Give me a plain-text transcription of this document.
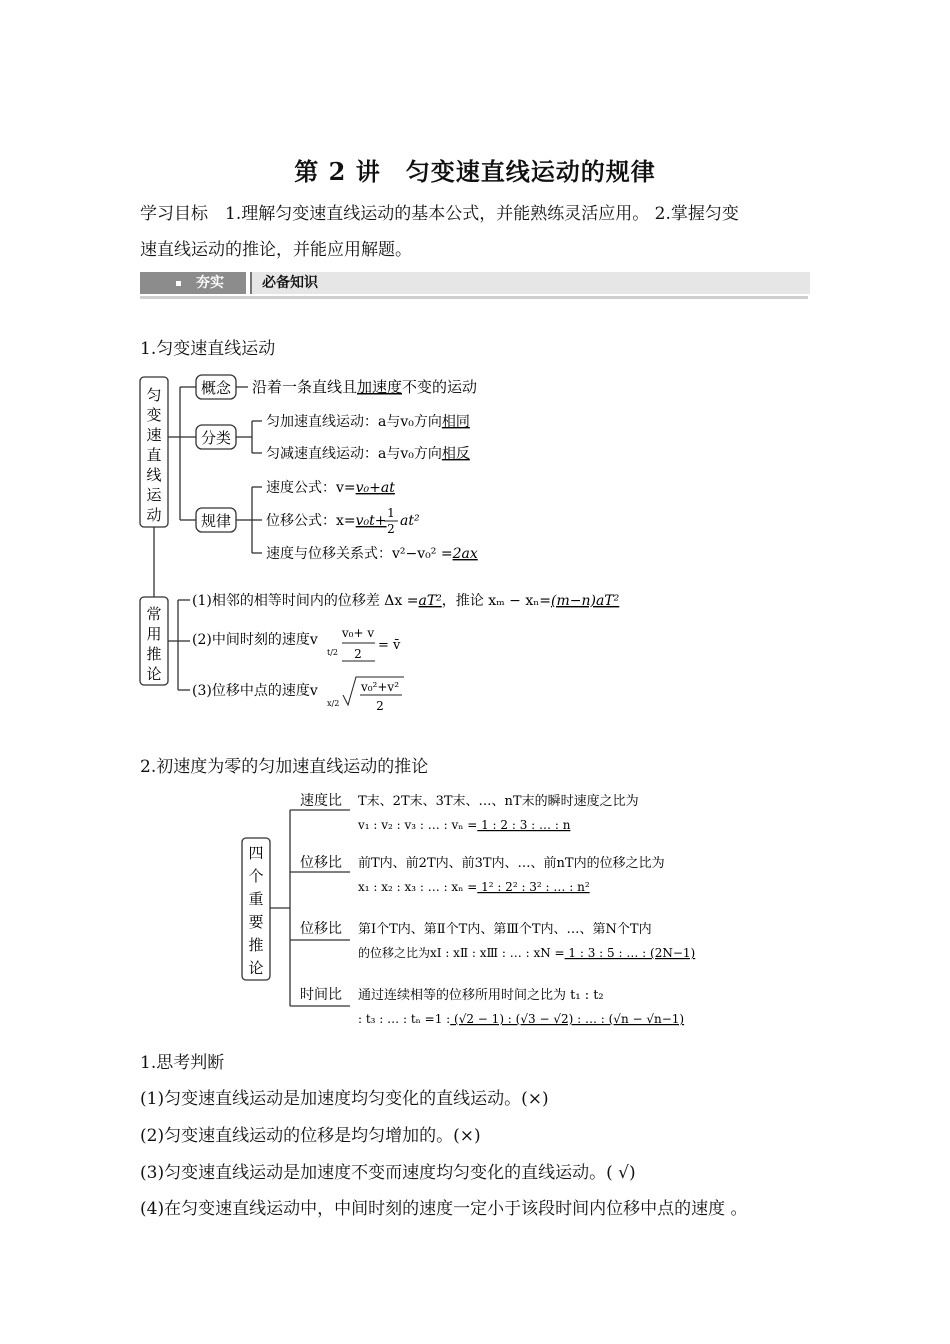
第 2 讲　匀变速直线运动的规律
学习目标　1.理解匀变速直线运动的基本公式，并能熟练灵活应用。 2.掌握匀变
速直线运动的推论，并能应用解题。
夯实	必备知识
1.匀变速直线运动
匀
变
速
直
线
运
动
常
用
推
论
概念
分类
规律
沿着一条直线且加速度不变的运动
匀加速直线运动：a与v₀方向相同
匀减速直线运动：a与v₀方向相反
速度公式：v=v₀+at
位移公式：x=v₀t+ 1
2 at²
速度与位移关系式：v²−v₀² =2ax
(1)相邻的相等时间内的位移差 Δx =aT²，推论 xₘ − xₙ=(m−n)aT²
(2)中间时刻的速度v
t/2
v₀+ v
2
= v̄
(3)位移中点的速度v
x/2
v₀²+v²
2
2.初速度为零的匀加速直线运动的推论
四
个
重
要
推
论
速度比 T末、2T末、3T末、…、nT末的瞬时速度之比为
v₁ : v₂ : v₃ : … : vₙ = 1 : 2 : 3 : … : n
位移比 前T内、前2T内、前3T内、…、前nT内的位移之比为
x₁ : x₂ : x₃ : … : xₙ = 1² : 2² : 3² : … : n²
位移比 第Ⅰ个T内、第Ⅱ个T内、第Ⅲ个T内、…、第N个T内
的位移之比为xⅠ : xⅡ : xⅢ : … : xN = 1 : 3 : 5 : … : (2N−1)
时间比 通过连续相等的位移所用时间之比为 t₁ : t₂
: t₃ : … : tₙ =1 : (√2 − 1) : (√3 − √2) : … : (√n − √n−1)
1.思考判断
(1)匀变速直线运动是加速度均匀变化的直线运动。(×)
(2)匀变速直线运动的位移是均匀增加的。(×)
(3)匀变速直线运动是加速度不变而速度均匀变化的直线运动。( √)
(4)在匀变速直线运动中，中间时刻的速度一定小于该段时间内位移中点的速度 。
